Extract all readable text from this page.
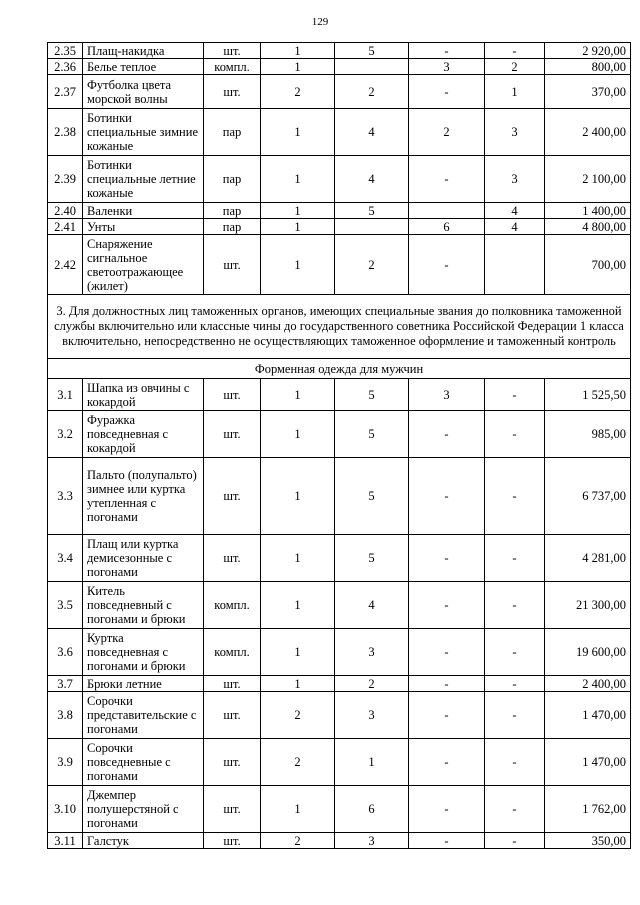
129
2.35	Плащ-накидка	шт.	1	5	-	-	2 920,00
2.36	Белье теплое	компл.	1		3	2	800,00
2.37	Футболка цвета морской волны	шт.	2	2	-	1	370,00
2.38	Ботинки специальные зимние кожаные	пар	1	4	2	3	2 400,00
2.39	Ботинки специальные летние кожаные	пар	1	4	-	3	2 100,00
2.40	Валенки	пар	1	5		4	1 400,00
2.41	Унты	пар	1		6	4	4 800,00
2.42	Снаряжение сигнальное светоотражающее (жилет)	шт.	1	2	-		700,00
3. Для должностных лиц таможенных органов, имеющих специальные звания до полковника таможенной службы включительно или классные чины до государственного советника Российской Федерации 1 класса включительно, непосредственно не осуществляющих таможенное оформление и таможенный контроль							
Форменная одежда для мужчин							
3.1	Шапка из овчины с кокардой	шт.	1	5	3	-	1 525,50
3.2	Фуражка повседневная с кокардой	шт.	1	5	-	-	985,00
3.3	Пальто (полупальто) зимнее или куртка утепленная с погонами	шт.	1	5	-	-	6 737,00
3.4	Плащ или куртка демисезонные с погонами	шт.	1	5	-	-	4 281,00
3.5	Китель повседневный с погонами и брюки	компл.	1	4	-	-	21 300,00
3.6	Куртка повседневная с погонами и брюки	компл.	1	3	-	-	19 600,00
3.7	Брюки летние	шт.	1	2	-	-	2 400,00
3.8	Сорочки представительские с погонами	шт.	2	3	-	-	1 470,00
3.9	Сорочки повседневные с погонами	шт.	2	1	-	-	1 470,00
3.10	Джемпер полушерстяной с погонами	шт.	1	6	-	-	1 762,00
3.11	Галстук	шт.	2	3	-	-	350,00
